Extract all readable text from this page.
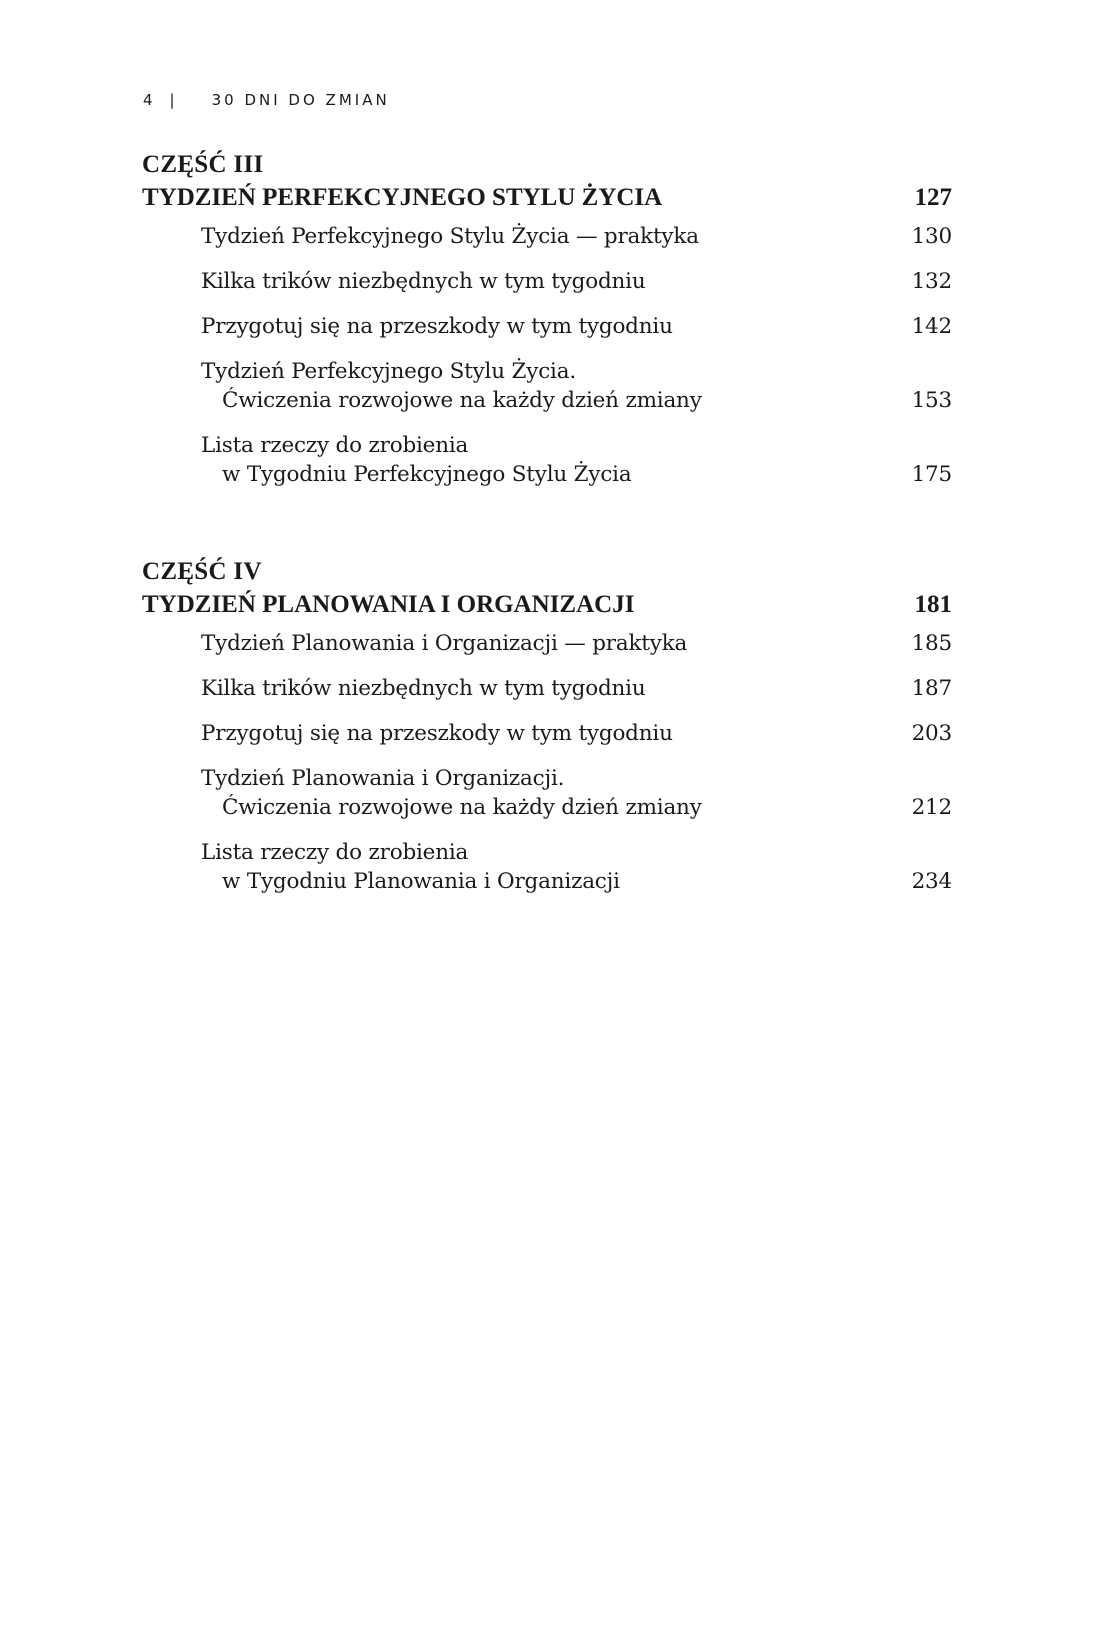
4 | 30 DNI DO ZMIAN
CZĘŚĆ III
TYDZIEŃ PERFEKCYJNEGO STYLU ŻYCIA	127
Tydzień Perfekcyjnego Stylu Życia — praktyka	130
Kilka trików niezbędnych w tym tygodniu	132
Przygotuj się na przeszkody w tym tygodniu	142
Tydzień Perfekcyjnego Stylu Życia.
Ćwiczenia rozwojowe na każdy dzień zmiany	153
Lista rzeczy do zrobienia
w Tygodniu Perfekcyjnego Stylu Życia	175
CZĘŚĆ IV
TYDZIEŃ PLANOWANIA I ORGANIZACJI	181
Tydzień Planowania i Organizacji — praktyka	185
Kilka trików niezbędnych w tym tygodniu	187
Przygotuj się na przeszkody w tym tygodniu	203
Tydzień Planowania i Organizacji.
Ćwiczenia rozwojowe na każdy dzień zmiany	212
Lista rzeczy do zrobienia
w Tygodniu Planowania i Organizacji	234
